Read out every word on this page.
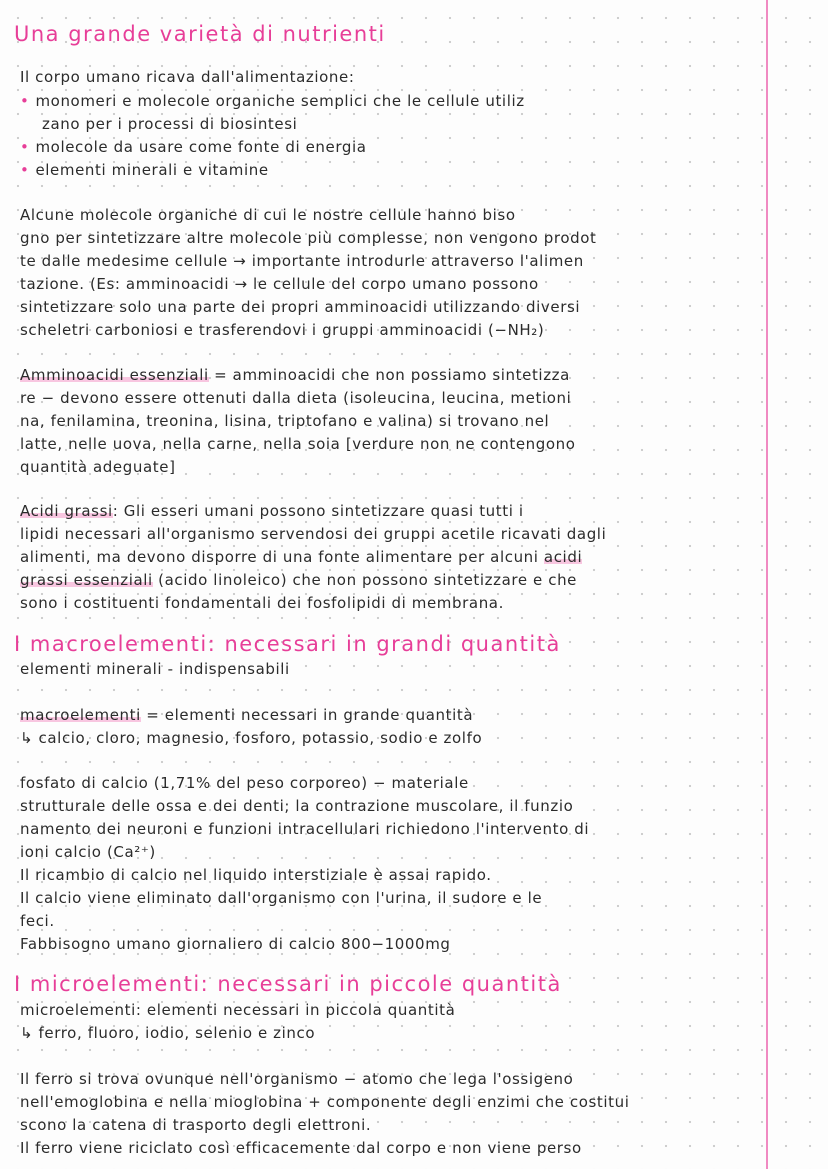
Una grande varietà di nutrienti

Il corpo umano ricava dall'alimentazione:

• monomeri e molecole organiche semplici che le cellule utiliz

zano per i processi di biosintesi

• molecole da usare come fonte di energia

• elementi minerali e vitamine

Alcune molecole organiche di cui le nostre cellule hanno biso

gno per sintetizzare altre molecole più complesse, non vengono prodot

te dalle medesime cellule → importante introdurle attraverso l'alimen

tazione. (Es: amminoacidi → le cellule del corpo umano possono

sintetizzare solo una parte dei propri amminoacidi utilizzando diversi

scheletri carboniosi e trasferendovi i gruppi amminoacidi (−NH₂)

Amminoacidi essenziali = amminoacidi che non possiamo sintetizza

re − devono essere ottenuti dalla dieta (isoleucina, leucina, metioni

na, fenilamina, treonina, lisina, triptofano e valina) si trovano nel

latte, nelle uova, nella carne, nella soia [verdure non ne contengono

quantità adeguate]

Acidi grassi: Gli esseri umani possono sintetizzare quasi tutti i

lipidi necessari all'organismo servendosi dei gruppi acetile ricavati dagli

alimenti, ma devono disporre di una fonte alimentare per alcuni acidi

grassi essenziali (acido linoleico) che non possono sintetizzare e che

sono i costituenti fondamentali dei fosfolipidi di membrana.

I macroelementi: necessari in grandi quantità

elementi minerali - indispensabili

macroelementi = elementi necessari in grande quantità

↳ calcio, cloro, magnesio, fosforo, potassio, sodio e zolfo

fosfato di calcio (1,71% del peso corporeo) − materiale

strutturale delle ossa e dei denti; la contrazione muscolare, il funzio

namento dei neuroni e funzioni intracellulari richiedono l'intervento di

ioni calcio (Ca²⁺)

Il ricambio di calcio nel liquido interstiziale è assai rapido.

Il calcio viene eliminato dall'organismo con l'urina, il sudore e le

feci.

Fabbisogno umano giornaliero di calcio 800−1000mg

I microelementi: necessari in piccole quantità

microelementi: elementi necessari in piccola quantità

↳ ferro, fluoro, iodio, selenio e zinco

Il ferro si trova ovunque nell'organismo − atomo che lega l'ossigeno

nell'emoglobina e nella mioglobina + componente degli enzimi che costitui

scono la catena di trasporto degli elettroni.

Il ferro viene riciclato così efficacemente dal corpo e non viene perso
